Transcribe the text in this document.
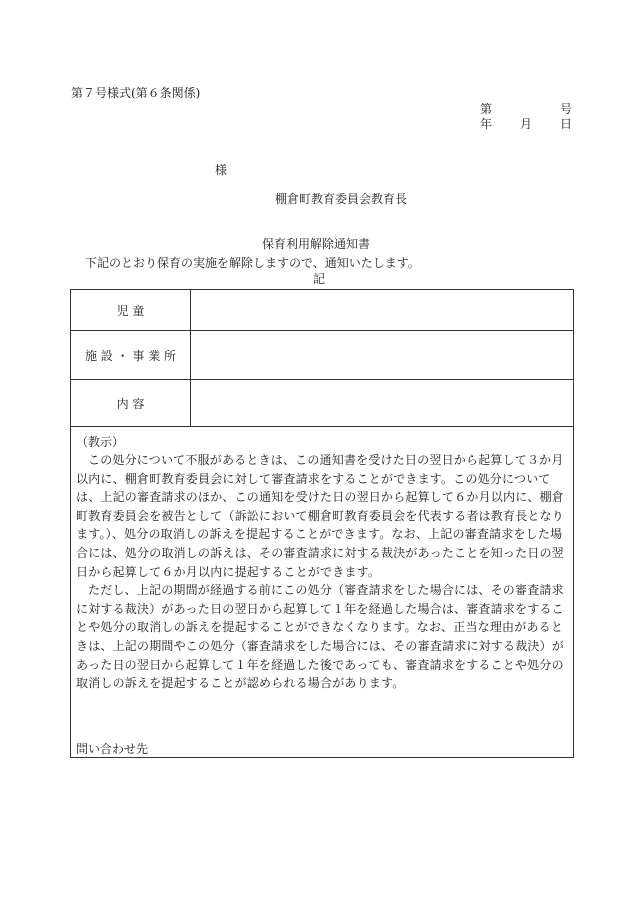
第７号様式(第６条関係)
第	号
年 月 日
様
棚倉町教育委員会教育長
保育利用解除通知書
下記のとおり保育の実施を解除しますので、通知いたします。
記
児 童
施 設 ・ 事 業 所
内 容
（教示）

この処分について不服があるときは、この通知書を受けた日の翌日から起算して３か月以内に、棚倉町教育委員会に対して審査請求をすることができます。この処分については、上記の審査請求のほか、この通知を受けた日の翌日から起算して６か月以内に、棚倉町教育委員会を被告として（訴訟において棚倉町教育委員会を代表する者は教育長となります。）、処分の取消しの訴えを提起することができます。なお、上記の審査請求をした場合には、処分の取消しの訴えは、その審査請求に対する裁決があったことを知った日の翌日から起算して６か月以内に提起することができます。

ただし、上記の期間が経過する前にこの処分（審査請求をした場合には、その審査請求に対する裁決）があった日の翌日から起算して１年を経過した場合は、審査請求をすることや処分の取消しの訴えを提起することができなくなります。なお、正当な理由があるときは、上記の期間やこの処分（審査請求をした場合には、その審査請求に対する裁決）があった日の翌日から起算して１年を経過した後であっても、審査請求をすることや処分の取消しの訴えを提起することが認められる場合があります。

問い合わせ先
